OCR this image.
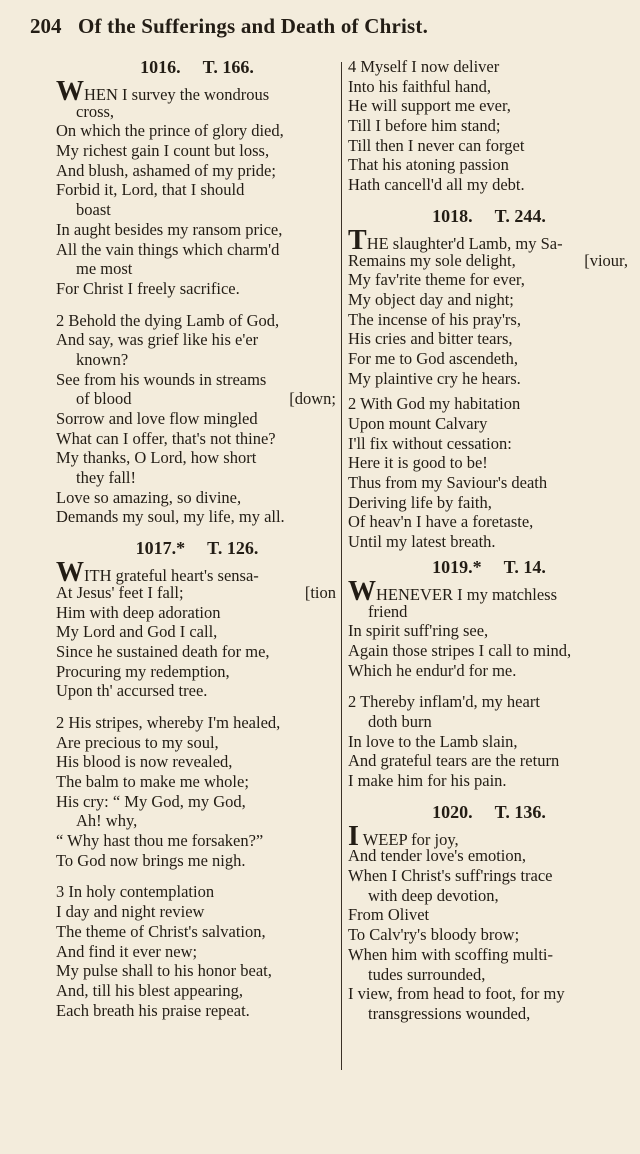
204 Of the Sufferings and Death of Christ.
1016. T. 166.
WHEN I survey the wondrous
cross,
On which the prince of glory died,
My richest gain I count but loss,
And blush, ashamed of my pride;
Forbid it, Lord, that I should
boast
In aught besides my ransom price,
All the vain things which charm'd
me most
For Christ I freely sacrifice.
2 Behold the dying Lamb of God,
And say, was grief like his e'er
known?
See from his wounds in streams
of blood	[down;
Sorrow and love flow mingled
What can I offer, that's not thine?
My thanks, O Lord, how short
they fall!
Love so amazing, so divine,
Demands my soul, my life, my all.
1017.* T. 126.
WITH grateful heart's sensa-
At Jesus' feet I fall;	[tion
Him with deep adoration
My Lord and God I call,
Since he sustained death for me,
Procuring my redemption,
Upon th' accursed tree.
2 His stripes, whereby I'm healed,
Are precious to my soul,
His blood is now revealed,
The balm to make me whole;
His cry: “ My God, my God,
Ah! why,
“ Why hast thou me forsaken?”
To God now brings me nigh.
3 In holy contemplation
I day and night review
The theme of Christ's salvation,
And find it ever new;
My pulse shall to his honor beat,
And, till his blest appearing,
Each breath his praise repeat.
4 Myself I now deliver
Into his faithful hand,
He will support me ever,
Till I before him stand;
Till then I never can forget
That his atoning passion
Hath cancell'd all my debt.
1018. T. 244.
THE slaughter'd Lamb, my Sa-
Remains my sole delight,	[viour,
My fav'rite theme for ever,
My object day and night;
The incense of his pray'rs,
His cries and bitter tears,
For me to God ascendeth,
My plaintive cry he hears.
2 With God my habitation
Upon mount Calvary
I'll fix without cessation:
Here it is good to be!
Thus from my Saviour's death
Deriving life by faith,
Of heav'n I have a foretaste,
Until my latest breath.
1019.* T. 14.
WHENEVER I my matchless
friend
In spirit suff'ring see,
Again those stripes I call to mind,
Which he endur'd for me.
2 Thereby inflam'd, my heart
doth burn
In love to the Lamb slain,
And grateful tears are the return
I make him for his pain.
1020. T. 136.
I WEEP for joy,
And tender love's emotion,
When I Christ's suff'rings trace
with deep devotion,
From Olivet
To Calv'ry's bloody brow;
When him with scoffing multi-
tudes surrounded,
I view, from head to foot, for my
transgressions wounded,
